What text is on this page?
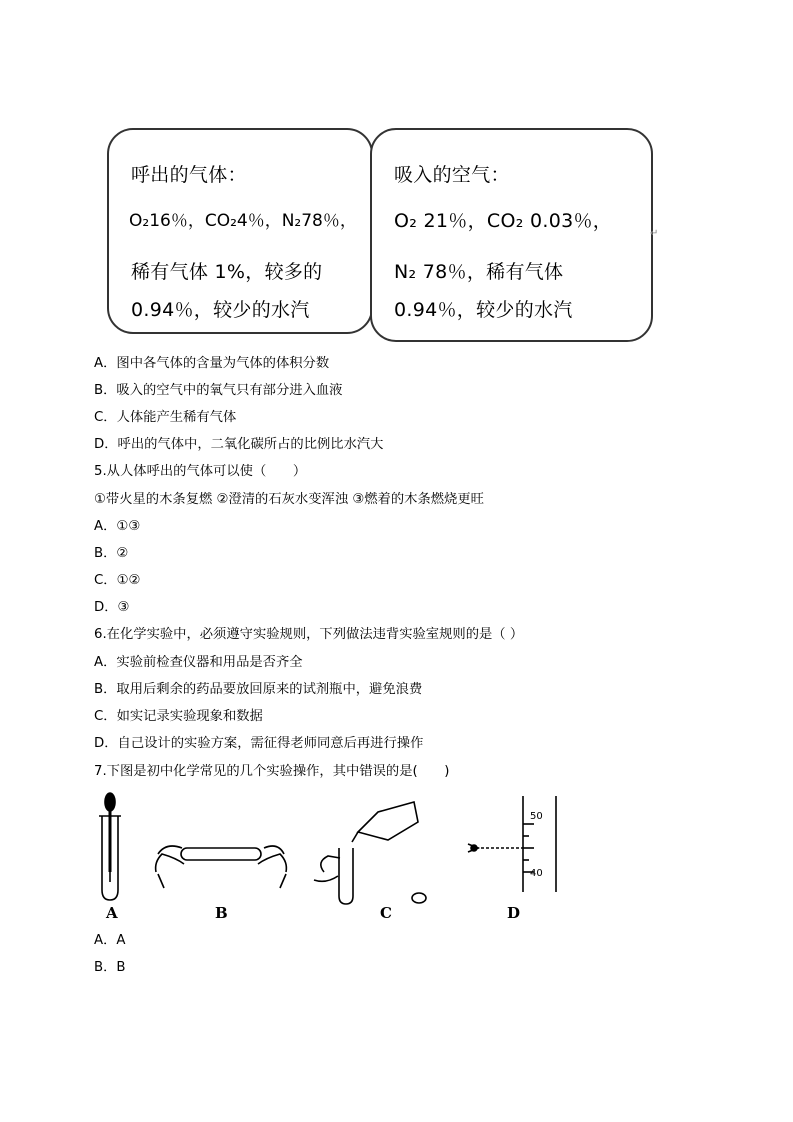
呼出的气体：
O₂16％，CO₂4％，N₂78％，
稀有气体 1%，较多的
0.94％，较少的水汽
吸入的空气：
O₂ 21％，CO₂ 0.03％，
N₂ 78％，稀有气体
0.94％，较少的水汽
↵
A．图中各气体的含量为气体的体积分数
B．吸入的空气中的氧气只有部分进入血液
C．人体能产生稀有气体
D．呼出的气体中，二氧化碳所占的比例比水汽大
5.从人体呼出的气体可以使（　　）
①带火星的木条复燃 ②澄清的石灰水变浑浊 ③燃着的木条燃烧更旺
A．①③
B．②
C．①②
D．③
6.在化学实验中，必须遵守实验规则，下列做法违背实验室规则的是（ ）
A．实验前检查仪器和用品是否齐全
B．取用后剩余的药品要放回原来的试剂瓶中，避免浪费
C．如实记录实验现象和数据
D．自己设计的实验方案，需征得老师同意后再进行操作
7.下图是初中化学常见的几个实验操作，其中错误的是(　　)
50
40
A	B	C	D
A．A
B．B
